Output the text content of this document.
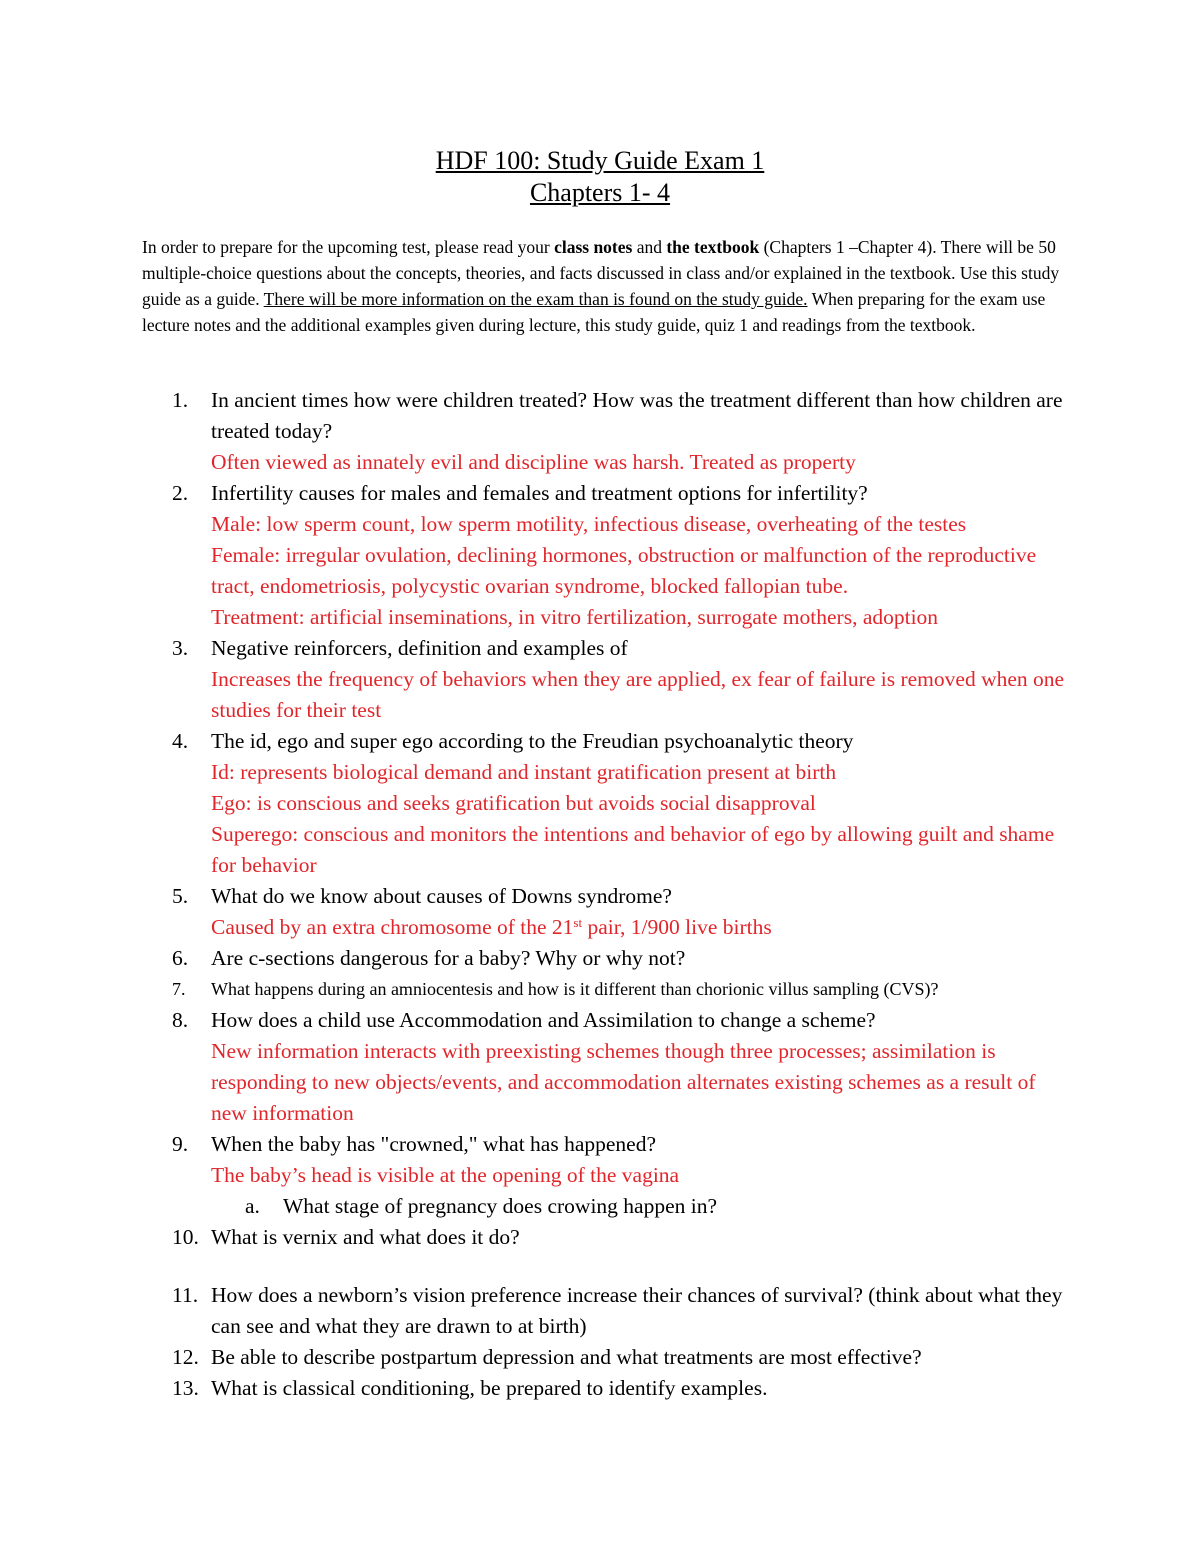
HDF 100: Study Guide Exam 1
Chapters 1- 4
In order to prepare for the upcoming test, please read your class notes and the textbook (Chapters 1 –Chapter 4). There will be 50 multiple-choice questions about the concepts, theories, and facts discussed in class and/or explained in the textbook. Use this study guide as a guide. There will be more information on the exam than is found on the study guide. When preparing for the exam use lecture notes and the additional examples given during lecture, this study guide, quiz 1 and readings from the textbook.
1. In ancient times how were children treated? How was the treatment different than how children are treated today?
Often viewed as innately evil and discipline was harsh. Treated as property
2. Infertility causes for males and females and treatment options for infertility?
Male: low sperm count, low sperm motility, infectious disease, overheating of the testes
Female: irregular ovulation, declining hormones, obstruction or malfunction of the reproductive tract, endometriosis, polycystic ovarian syndrome, blocked fallopian tube.
Treatment: artificial inseminations, in vitro fertilization, surrogate mothers, adoption
3. Negative reinforcers, definition and examples of
Increases the frequency of behaviors when they are applied, ex fear of failure is removed when one studies for their test
4. The id, ego and super ego according to the Freudian psychoanalytic theory
Id: represents biological demand and instant gratification present at birth
Ego: is conscious and seeks gratification but avoids social disapproval
Superego: conscious and monitors the intentions and behavior of ego by allowing guilt and shame for behavior
5. What do we know about causes of Downs syndrome?
Caused by an extra chromosome of the 21st pair, 1/900 live births
6. Are c-sections dangerous for a baby? Why or why not?
7. What happens during an amniocentesis and how is it different than chorionic villus sampling (CVS)?
8. How does a child use Accommodation and Assimilation to change a scheme?
New information interacts with preexisting schemes though three processes; assimilation is responding to new objects/events, and accommodation alternates existing schemes as a result of new information
9. When the baby has "crowned," what has happened?
The baby’s head is visible at the opening of the vagina
a. What stage of pregnancy does crowing happen in?
10. What is vernix and what does it do?
11. How does a newborn’s vision preference increase their chances of survival? (think about what they can see and what they are drawn to at birth)
12. Be able to describe postpartum depression and what treatments are most effective?
13. What is classical conditioning, be prepared to identify examples.
